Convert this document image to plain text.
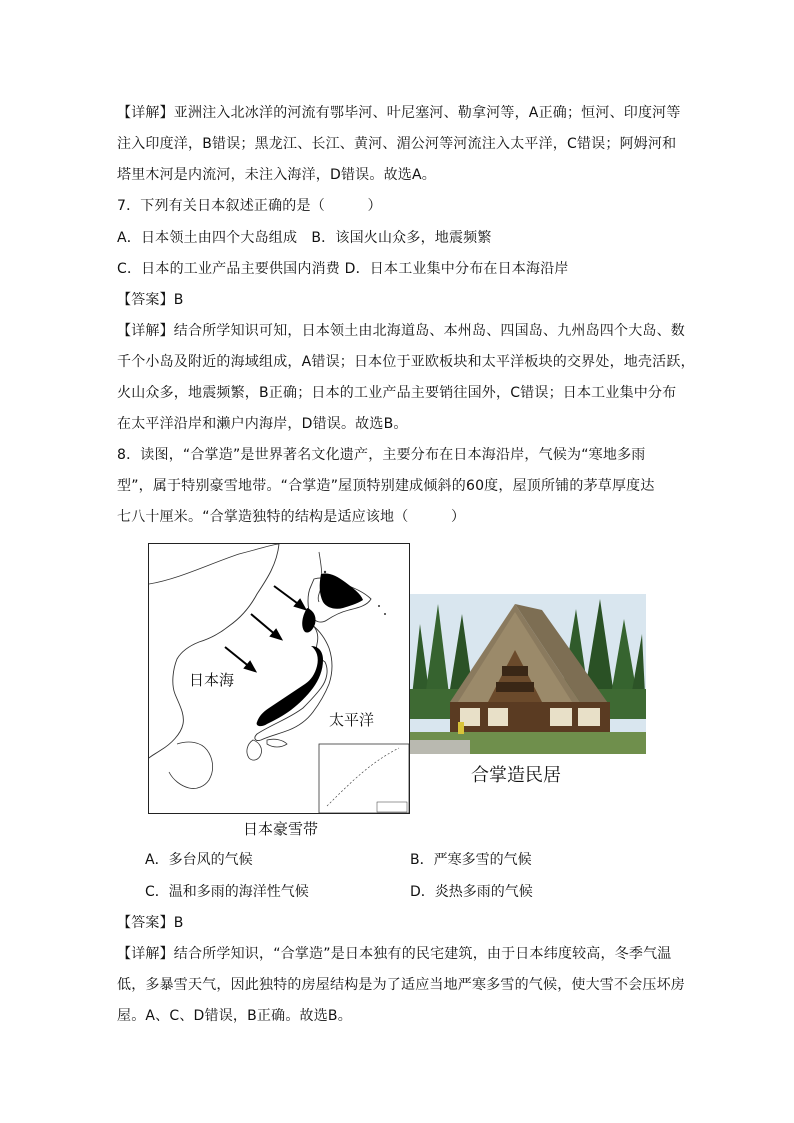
【详解】亚洲注入北冰洋的河流有鄂毕河、叶尼塞河、勒拿河等，A正确；恒河、印度河等
注入印度洋，B错误；黑龙江、长江、黄河、湄公河等河流注入太平洋，C错误；阿姆河和
塔里木河是内流河，未注入海洋，D错误。故选A。
7．下列有关日本叙述正确的是（　　　）
A．日本领土由四个大岛组成　B．该国火山众多，地震频繁
C．日本的工业产品主要供国内消费 D．日本工业集中分布在日本海沿岸
【答案】B
【详解】结合所学知识可知，日本领土由北海道岛、本州岛、四国岛、九州岛四个大岛、数
千个小岛及附近的海域组成，A错误；日本位于亚欧板块和太平洋板块的交界处，地壳活跃，
火山众多，地震频繁，B正确；日本的工业产品主要销往国外，C错误；日本工业集中分布
在太平洋沿岸和濑户内海岸，D错误。故选B。
8．读图，“合掌造”是世界著名文化遗产，主要分布在日本海沿岸，气候为“寒地多雨
型”，属于特别豪雪地带。“合掌造”屋顶特别建成倾斜的60度，屋顶所铺的茅草厚度达
七八十厘米。“合掌造独特的结构是适应该地（　　　）
日本海
太平洋
日本豪雪带
合掌造民居
A．多台风的气候	B．严寒多雪的气候
C．温和多雨的海洋性气候	D．炎热多雨的气候
【答案】B
【详解】结合所学知识，“合掌造”是日本独有的民宅建筑，由于日本纬度较高，冬季气温
低，多暴雪天气，因此独特的房屋结构是为了适应当地严寒多雪的气候，使大雪不会压坏房
屋。A、C、D错误，B正确。故选B。
